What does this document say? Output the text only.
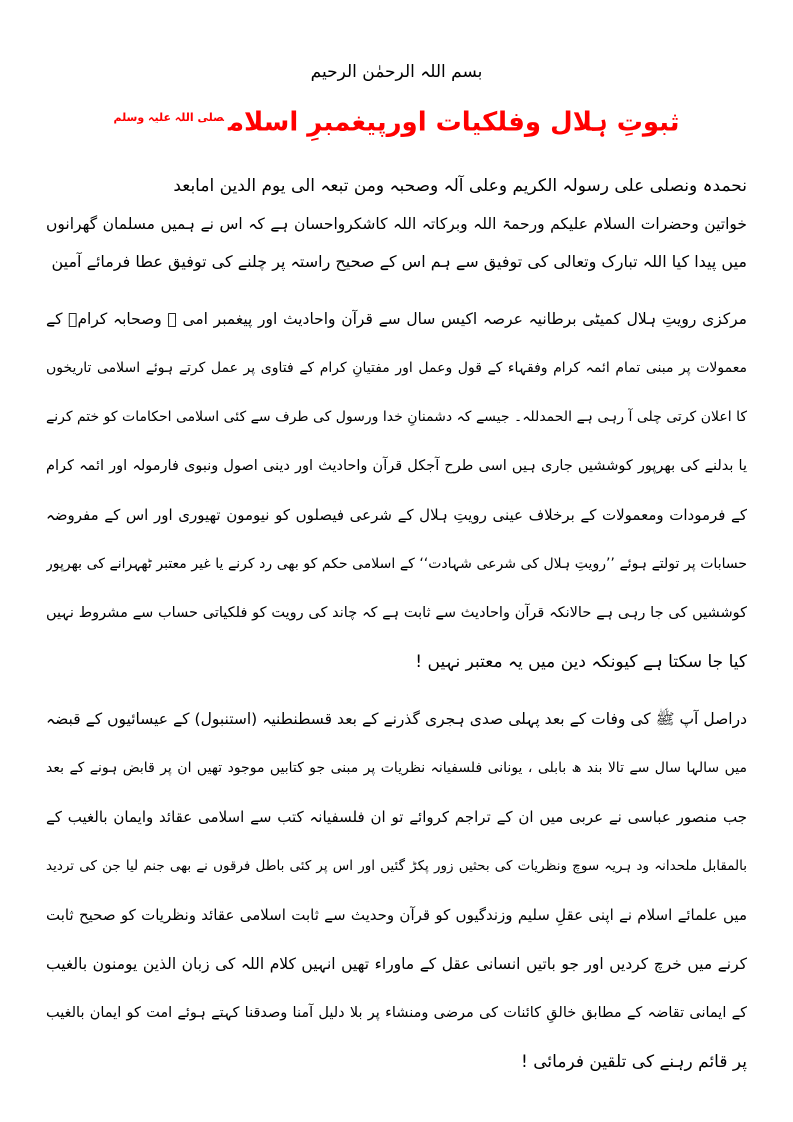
بسم اللہ الرحمٰن الرحیم
ثبوتِ ہلال وفلکیات اورپیغمبرِ اسلام$^{صلی اللہ علیہ وسلم}$
نحمدہ ونصلی علی رسولہ الکریم وعلی آلہ وصحبہ ومن تبعہ الی یوم الدین امابعد
خواتین وحضرات السلام علیکم ورحمۃ اللہ وبرکاتہ اللہ کاشکرواحسان ہے کہ اس نے ہمیں مسلمان گھرانوں
میں پیدا کیا اللہ تبارک وتعالی کی توفیق سے ہم اس کے صحیح راستہ پر چلنے کی توفیق عطا فرمائے آمین
مرکزی رویتِ ہلال کمیٹی برطانیہ عرصہ اکیس سال سے قرآن واحادیث اور پیغمبر امی ﷺ وصحابہ کرامؓ کے
معمولات پر مبنی تمام ائمہ کرام وفقہاء کے قول وعمل اور مفتیانِ کرام کے فتاوی پر عمل کرتے ہوئے اسلامی تاریخوں
کا اعلان کرتی چلی آ رہی ہے الحمدللہ۔ جیسے کہ دشمنانِ خدا ورسول کی طرف سے کئی اسلامی احکامات کو ختم کرنے
یا بدلنے کی بھرپور کوششیں جاری ہیں اسی طرح آجکل قرآن واحادیث اور دینی اصول ونبوی فارمولہ اور ائمہ کرام
کے فرمودات ومعمولات کے برخلاف عینی رویتِ ہلال کے شرعی فیصلوں کو نیومون تھیوری اور اس کے مفروضہ
حسابات پر تولتے ہوئے ’’رویتِ ہلال کی شرعی شہادت‘‘ کے اسلامی حکم کو بھی رد کرنے یا غیر معتبر ٹھہرانے کی بھرپور
کوششیں کی جا رہی ہے حالانکہ قرآن واحادیث سے ثابت ہے کہ چاند کی رویت کو فلکیاتی حساب سے مشروط نہیں
کیا جا سکتا ہے کیونکہ دین میں یہ معتبر نہیں !
دراصل آپ ﷺ کی وفات کے بعد پہلی صدی ہجری گذرنے کے بعد قسطنطنیہ (استنبول) کے عیسائیوں کے قبضہ
میں سالہا سال سے تالا بند ھ بابلی ، یونانی فلسفیانہ نظریات پر مبنی جو کتابیں موجود تھیں ان پر قابض ہونے کے بعد
جب منصور عباسی نے عربی میں ان کے تراجم کروائے تو ان فلسفیانہ کتب سے اسلامی عقائد وایمان بالغیب کے
بالمقابل ملحدانہ ود ہریہ سوچ ونظریات کی بحثیں زور پکڑ گئیں اور اس پر کئی باطل فرقوں نے بھی جنم لیا جن کی تردید
میں علمائے اسلام نے اپنی عقلِ سلیم وزندگیوں کو قرآن وحدیث سے ثابت اسلامی عقائد ونظریات کو صحیح ثابت
کرنے میں خرچ کردیں اور جو باتیں انسانی عقل کے ماوراء تھیں انہیں کلام اللہ کی زبان الذین یومنون بالغیب
کے ایمانی تقاضہ کے مطابق خالقِ کائنات کی مرضی ومنشاء پر بلا دلیل آمنا وصدقنا کہتے ہوئے امت کو ایمان بالغیب
پر قائم رہنے کی تلقین فرمائی !
